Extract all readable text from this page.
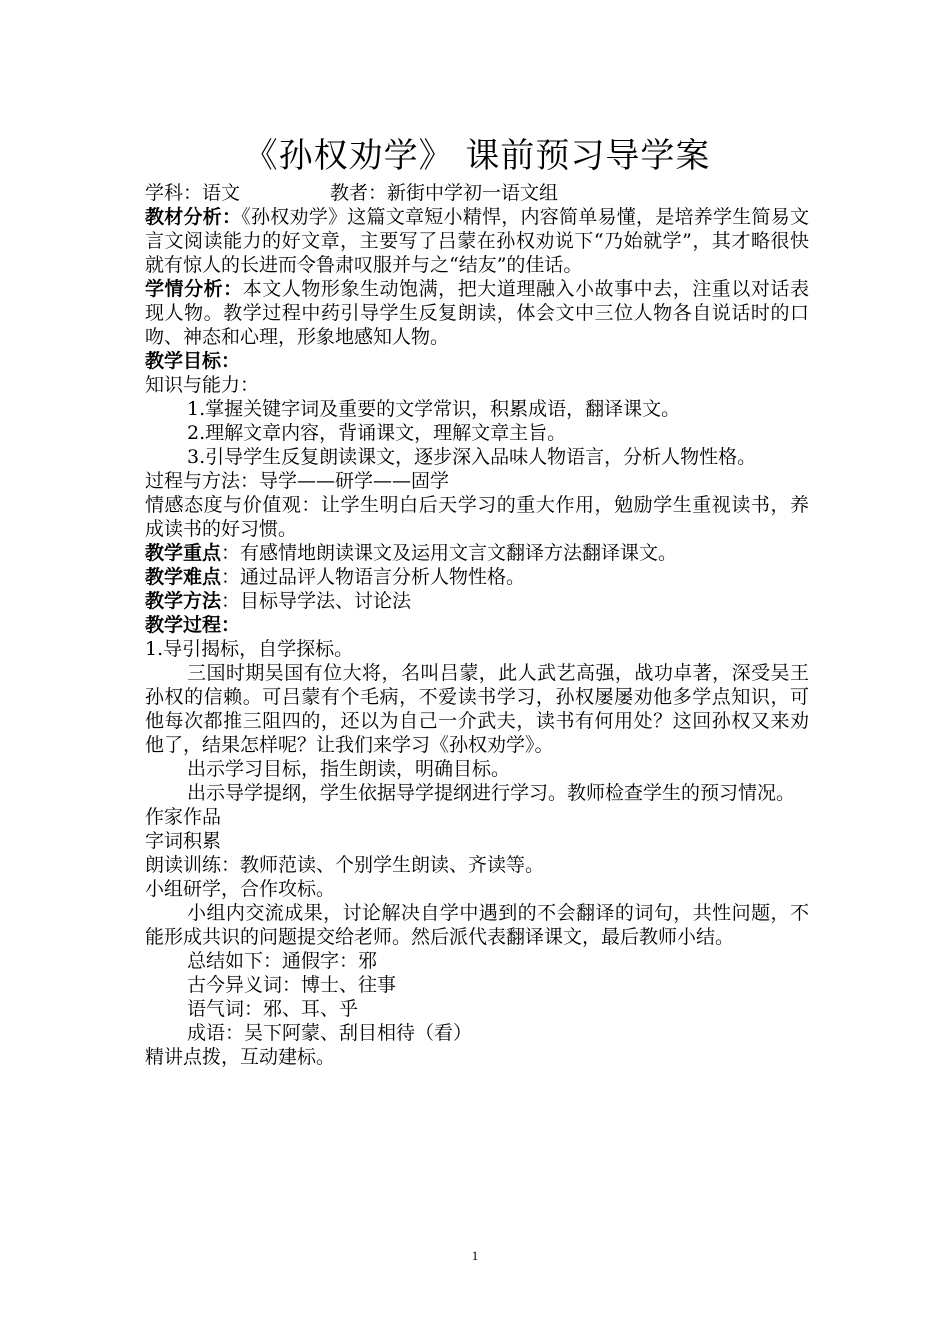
《孙权劝学》 课前预习导学案

学科：语文	教者：新街中学初一语文组

教材分析：《孙权劝学》这篇文章短小精悍，内容简单易懂，是培养学生简易文言文阅读能力的好文章，主要写了吕蒙在孙权劝说下“乃始就学”，其才略很快就有惊人的长进而令鲁肃叹服并与之“结友”的佳话。

学情分析：本文人物形象生动饱满，把大道理融入小故事中去，注重以对话表现人物。教学过程中药引导学生反复朗读，体会文中三位人物各自说话时的口吻、神态和心理，形象地感知人物。

教学目标：

知识与能力：

1.掌握关键字词及重要的文学常识，积累成语，翻译课文。

2.理解文章内容，背诵课文，理解文章主旨。

3.引导学生反复朗读课文，逐步深入品味人物语言，分析人物性格。

过程与方法：导学——研学——固学

情感态度与价值观：让学生明白后天学习的重大作用，勉励学生重视读书，养成读书的好习惯。

教学重点：有感情地朗读课文及运用文言文翻译方法翻译课文。

教学难点：通过品评人物语言分析人物性格。

教学方法：目标导学法、讨论法

教学过程：

1.导引揭标，自学探标。

三国时期吴国有位大将，名叫吕蒙，此人武艺高强，战功卓著，深受吴王孙权的信赖。可吕蒙有个毛病，不爱读书学习，孙权屡屡劝他多学点知识，可他每次都推三阻四的，还以为自己一介武夫，读书有何用处？这回孙权又来劝他了，结果怎样呢？让我们来学习《孙权劝学》。

出示学习目标，指生朗读，明确目标。

出示导学提纲，学生依据导学提纲进行学习。教师检查学生的预习情况。

作家作品

字词积累

朗读训练：教师范读、个别学生朗读、齐读等。

小组研学，合作攻标。

小组内交流成果，讨论解决自学中遇到的不会翻译的词句，共性问题，不能形成共识的问题提交给老师。然后派代表翻译课文，最后教师小结。

总结如下：通假字：邪

古今异义词：博士、往事

语气词：邪、耳、乎

成语：吴下阿蒙、刮目相待（看）

精讲点拨，互动建标。

1
